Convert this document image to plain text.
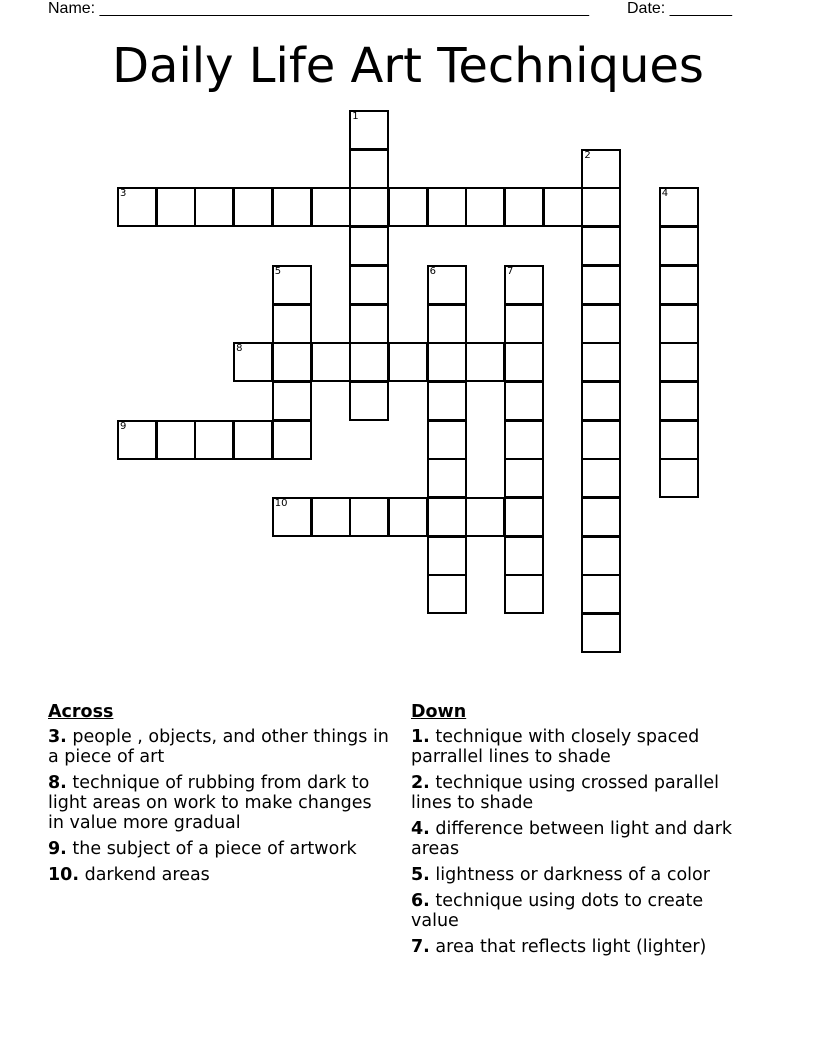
Name: _______________________________________________________ Date: _______
Daily Life Art Techniques
1
2
3	4
5	6	7
8
9
10
Across
3. people , objects, and other things in a piece of art
8. technique of rubbing from dark to light areas on work to make changes in value more gradual
9. the subject of a piece of artwork
10. darkend areas
Down
1. technique with closely spaced parrallel lines to shade
2. technique using crossed parallel lines to shade
4. difference between light and dark areas
5. lightness or darkness of a color
6. technique using dots to create value
7. area that reflects light (lighter)
